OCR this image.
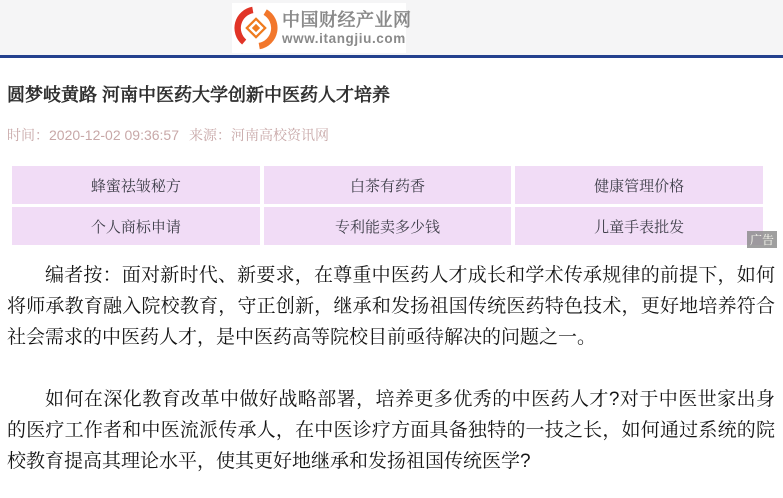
中国财经产业网
www.itangjiu.com
圆梦岐黄路 河南中医药大学创新中医药人才培养
时间：2020-12-02 09:36:57 来源：河南高校资讯网
蜂蜜祛皱秘方	白茶有药香	健康管理价格
个人商标申请	专利能卖多少钱	儿童手表批发
广告

编者按：面对新时代、新要求，在尊重中医药人才成长和学术传承规律的前提下，如何将师承教育融入院校教育，守正创新，继承和发扬祖国传统医药特色技术，更好地培养符合社会需求的中医药人才，是中医药高等院校目前亟待解决的问题之一。

如何在深化教育改革中做好战略部署，培养更多优秀的中医药人才?对于中医世家出身的医疗工作者和中医流派传承人，在中医诊疗方面具备独特的一技之长，如何通过系统的院校教育提高其理论水平，使其更好地继承和发扬祖国传统医学?
